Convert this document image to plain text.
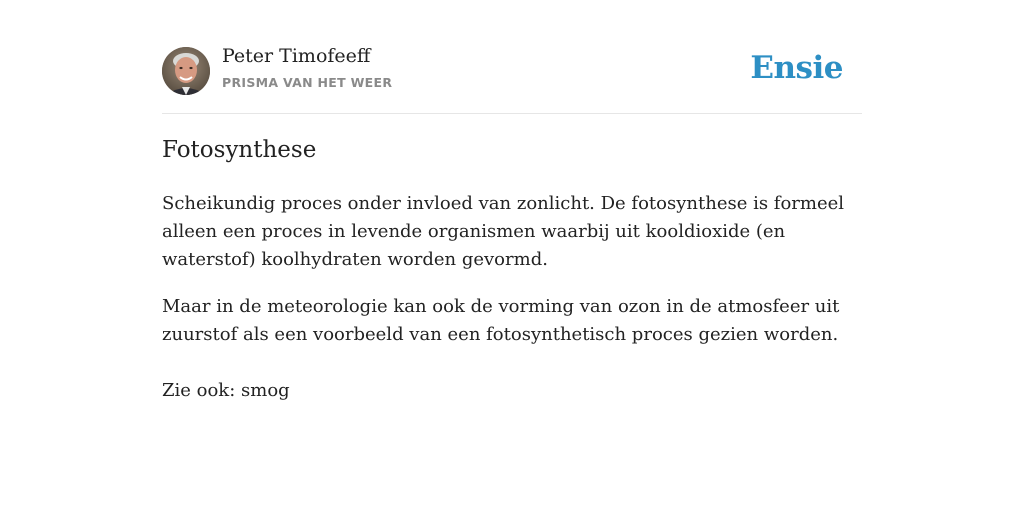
Peter Timofeeff
PRISMA VAN HET WEER	Ensie
Fotosynthese

Scheikundig proces onder invloed van zonlicht. De fotosynthese is formeel alleen een proces in levende organismen waarbij uit kooldioxide (en waterstof) koolhydraten worden gevormd.

Maar in de meteorologie kan ook de vorming van ozon in de atmosfeer uit zuurstof als een voorbeeld van een fotosynthetisch proces gezien worden.

Zie ook: smog
